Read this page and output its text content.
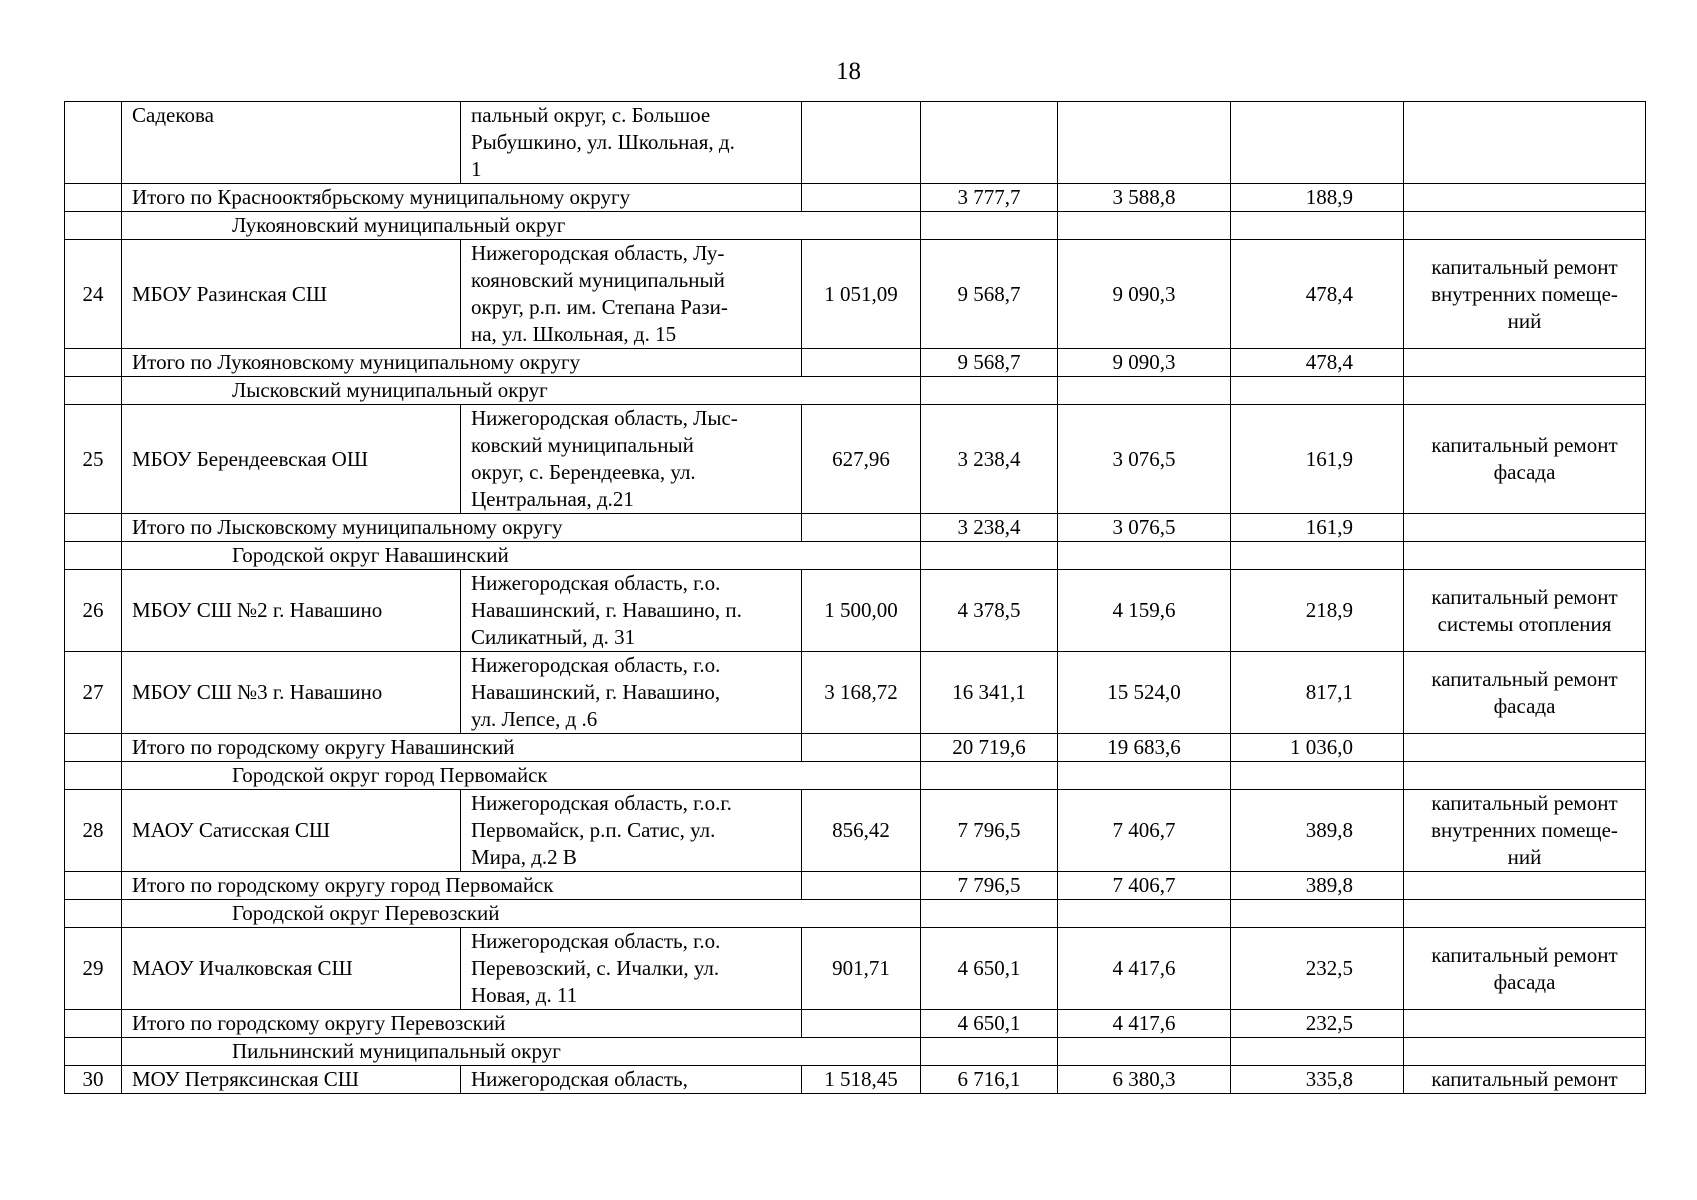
18
	Садекова	пальный округ, с. Большое
Рыбушкино, ул. Школьная, д.
1					
	Итого по Краснооктябрьскому муниципальному округу			3 777,7	3 588,8	188,9	
	Лукояновский муниципальный округ						
24	МБОУ Разинская СШ	Нижегородская область, Лу-
кояновский муниципальный
округ, р.п. им. Степана Рази-
на, ул. Школьная, д. 15	1 051,09	9 568,7	9 090,3	478,4	капитальный ремонт
внутренних помеще-
ний
	Итого по Лукояновскому муниципальному округу			9 568,7	9 090,3	478,4	
	Лысковский муниципальный округ						
25	МБОУ Берендеевская ОШ	Нижегородская область, Лыс-
ковский муниципальный
округ, с. Берендеевка, ул.
Центральная, д.21	627,96	3 238,4	3 076,5	161,9	капитальный ремонт
фасада
	Итого по Лысковскому муниципальному округу			3 238,4	3 076,5	161,9	
	Городской округ Навашинский						
26	МБОУ СШ №2 г. Навашино	Нижегородская область, г.о.
Навашинский, г. Навашино, п.
Силикатный, д. 31	1 500,00	4 378,5	4 159,6	218,9	капитальный ремонт
системы отопления
27	МБОУ СШ №3 г. Навашино	Нижегородская область, г.о.
Навашинский, г. Навашино,
ул. Лепсе, д .6	3 168,72	16 341,1	15 524,0	817,1	капитальный ремонт
фасада
	Итого по городскому округу Навашинский			20 719,6	19 683,6	1 036,0	
	Городской округ город Первомайск						
28	МАОУ Сатисская СШ	Нижегородская область, г.о.г.
Первомайск, р.п. Сатис, ул.
Мира, д.2 В	856,42	7 796,5	7 406,7	389,8	капитальный ремонт
внутренних помеще-
ний
	Итого по городскому округу город Первомайск			7 796,5	7 406,7	389,8	
	Городской округ Перевозский						
29	МАОУ Ичалковская СШ	Нижегородская область, г.о.
Перевозский, с. Ичалки, ул.
Новая, д. 11	901,71	4 650,1	4 417,6	232,5	капитальный ремонт
фасада
	Итого по городскому округу Перевозский			4 650,1	4 417,6	232,5	
	Пильнинский муниципальный округ						
30	МОУ Петряксинская СШ	Нижегородская область,	1 518,45	6 716,1	6 380,3	335,8	капитальный ремонт
